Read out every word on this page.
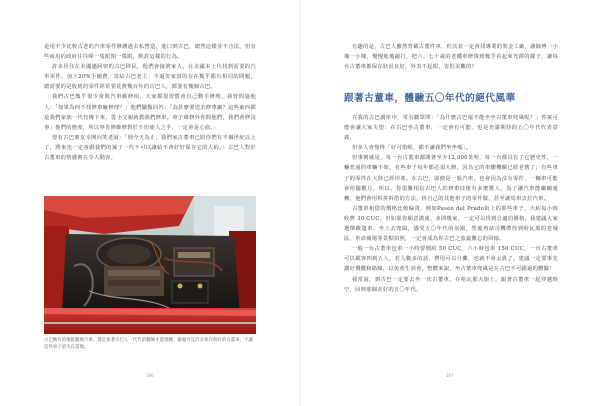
是用不少比較古老的汽車零件修護過去私營造，進口到古巴，總然這樣並不合法，但有些商用的政府往往睜一隻眼閉一隻眼，默許這樣的行為。

許多居住在美國邁阿密的古巴移民，他們會接濟家人，在美國本土代找到需要的汽車零件，加上20%手續費，寄給古巴老主：不過寄家當的存在幾乎都有相同的問題，總需要的是收到的零件經常要花費幾百年的古巴人，都要有幾個古巴。

我們古巴幾乎很少會與汽車維修相，大家都很習慣會自己動手修理，我曾問過他人：「如果為何不找修車廠修理？」他們驕傲回答：「為甚麼要送去修車廠？這些東西都是我們家族一代代傳下來，從小父親就教我們修車。車子維修外你問他們，我們會修沒事」他們的態度，所以寧肯修維修對於不但使人之手，一定會是心血。」

曾有古巴朋友幸開向笑老說：「到今天為止，我們家古董車已陪你們有半個世紀以上了，將來也一定會跟我們的孫子一代不可以讓給不會好好保存它的人的。」古巴人對於古董車的情感實在令人動容。

古巴擁有的地區翻修汽車，都是靠著古巴人一代代的翻修才能運轉。隨處可見許多保存很好的古董車，不讓這些車子消失在當地。
196

有趣的是，古巴人雖然背載古董件車，但其並一定會找專業的裝金工廠，讓師傅一小塊一小塊，慢慢地地敲打，把六、七十歲的老鐵車修復到幾乎看起來光澤的樣子，讓每台古董車都保存狀況良好，外表不起眼、害怕美觀的？

跟著古董車，體驗五〇年代的絕代風華

在我的古巴講座中，常有聽眾問：「為什麼古巴還不能坐坐古董車兜風呢？」答案可能會讓大家失望：在古巴坐古董車，一定會有可能，也是充滿期待的五〇年代代表意義。

但多人會覺得「好可惜喔，都不讓我們坐坐嗎」。

但事實就是，每一台古董車都開著至少12,000英哩，每一台都具有了它歷史性，一輛普通的車輛不如，有些車子每年都必須大修，因為它的車體機關已經老舊了；有些車子的零件在大陸已經停產。在古巴，即便是一般汽車，也會因為沒有零件，一輛車可能會停擺數月，所以，你很難相信古巴人的修車技術有多麼驚人，為了讓汽車能繼續運轉，他們會用拆拼拆借的方法，拆自己的其他車子的零件做，甚至讓馬車去拉汽車。

古董車租借的價格比較偏貴，例如Paseo del Prado街上的那些車子，大約每小時收費 30 CUC，但如果你願意溝通、多問幾家，一定可以找到合適的價格。我建議大家選擇敞篷車，坐上去兜風，感受五〇年代的氛圍，然後再請司機帶你到哈瓦那的老城區、革命廣場等景點拍照，一定會成為你古巴之旅最難忘的回憶。

一般一台古董車包車一小時要價約 50 CUC，六小時包車 150 CUC，一台古董車可以載客四到五人，若人數多的話，費用可以分攤，也就不會太貴了。建議一定要事先講好價錢和路線，以免產生誤會。整體來說，坐古董車兜風是在古巴不可錯過的體驗！

我常說，到古巴一定要去坐一次古董車，在哈瓦那大街上，跟著古董車一起穿越時空，回到那個美好的五〇年代。

197
